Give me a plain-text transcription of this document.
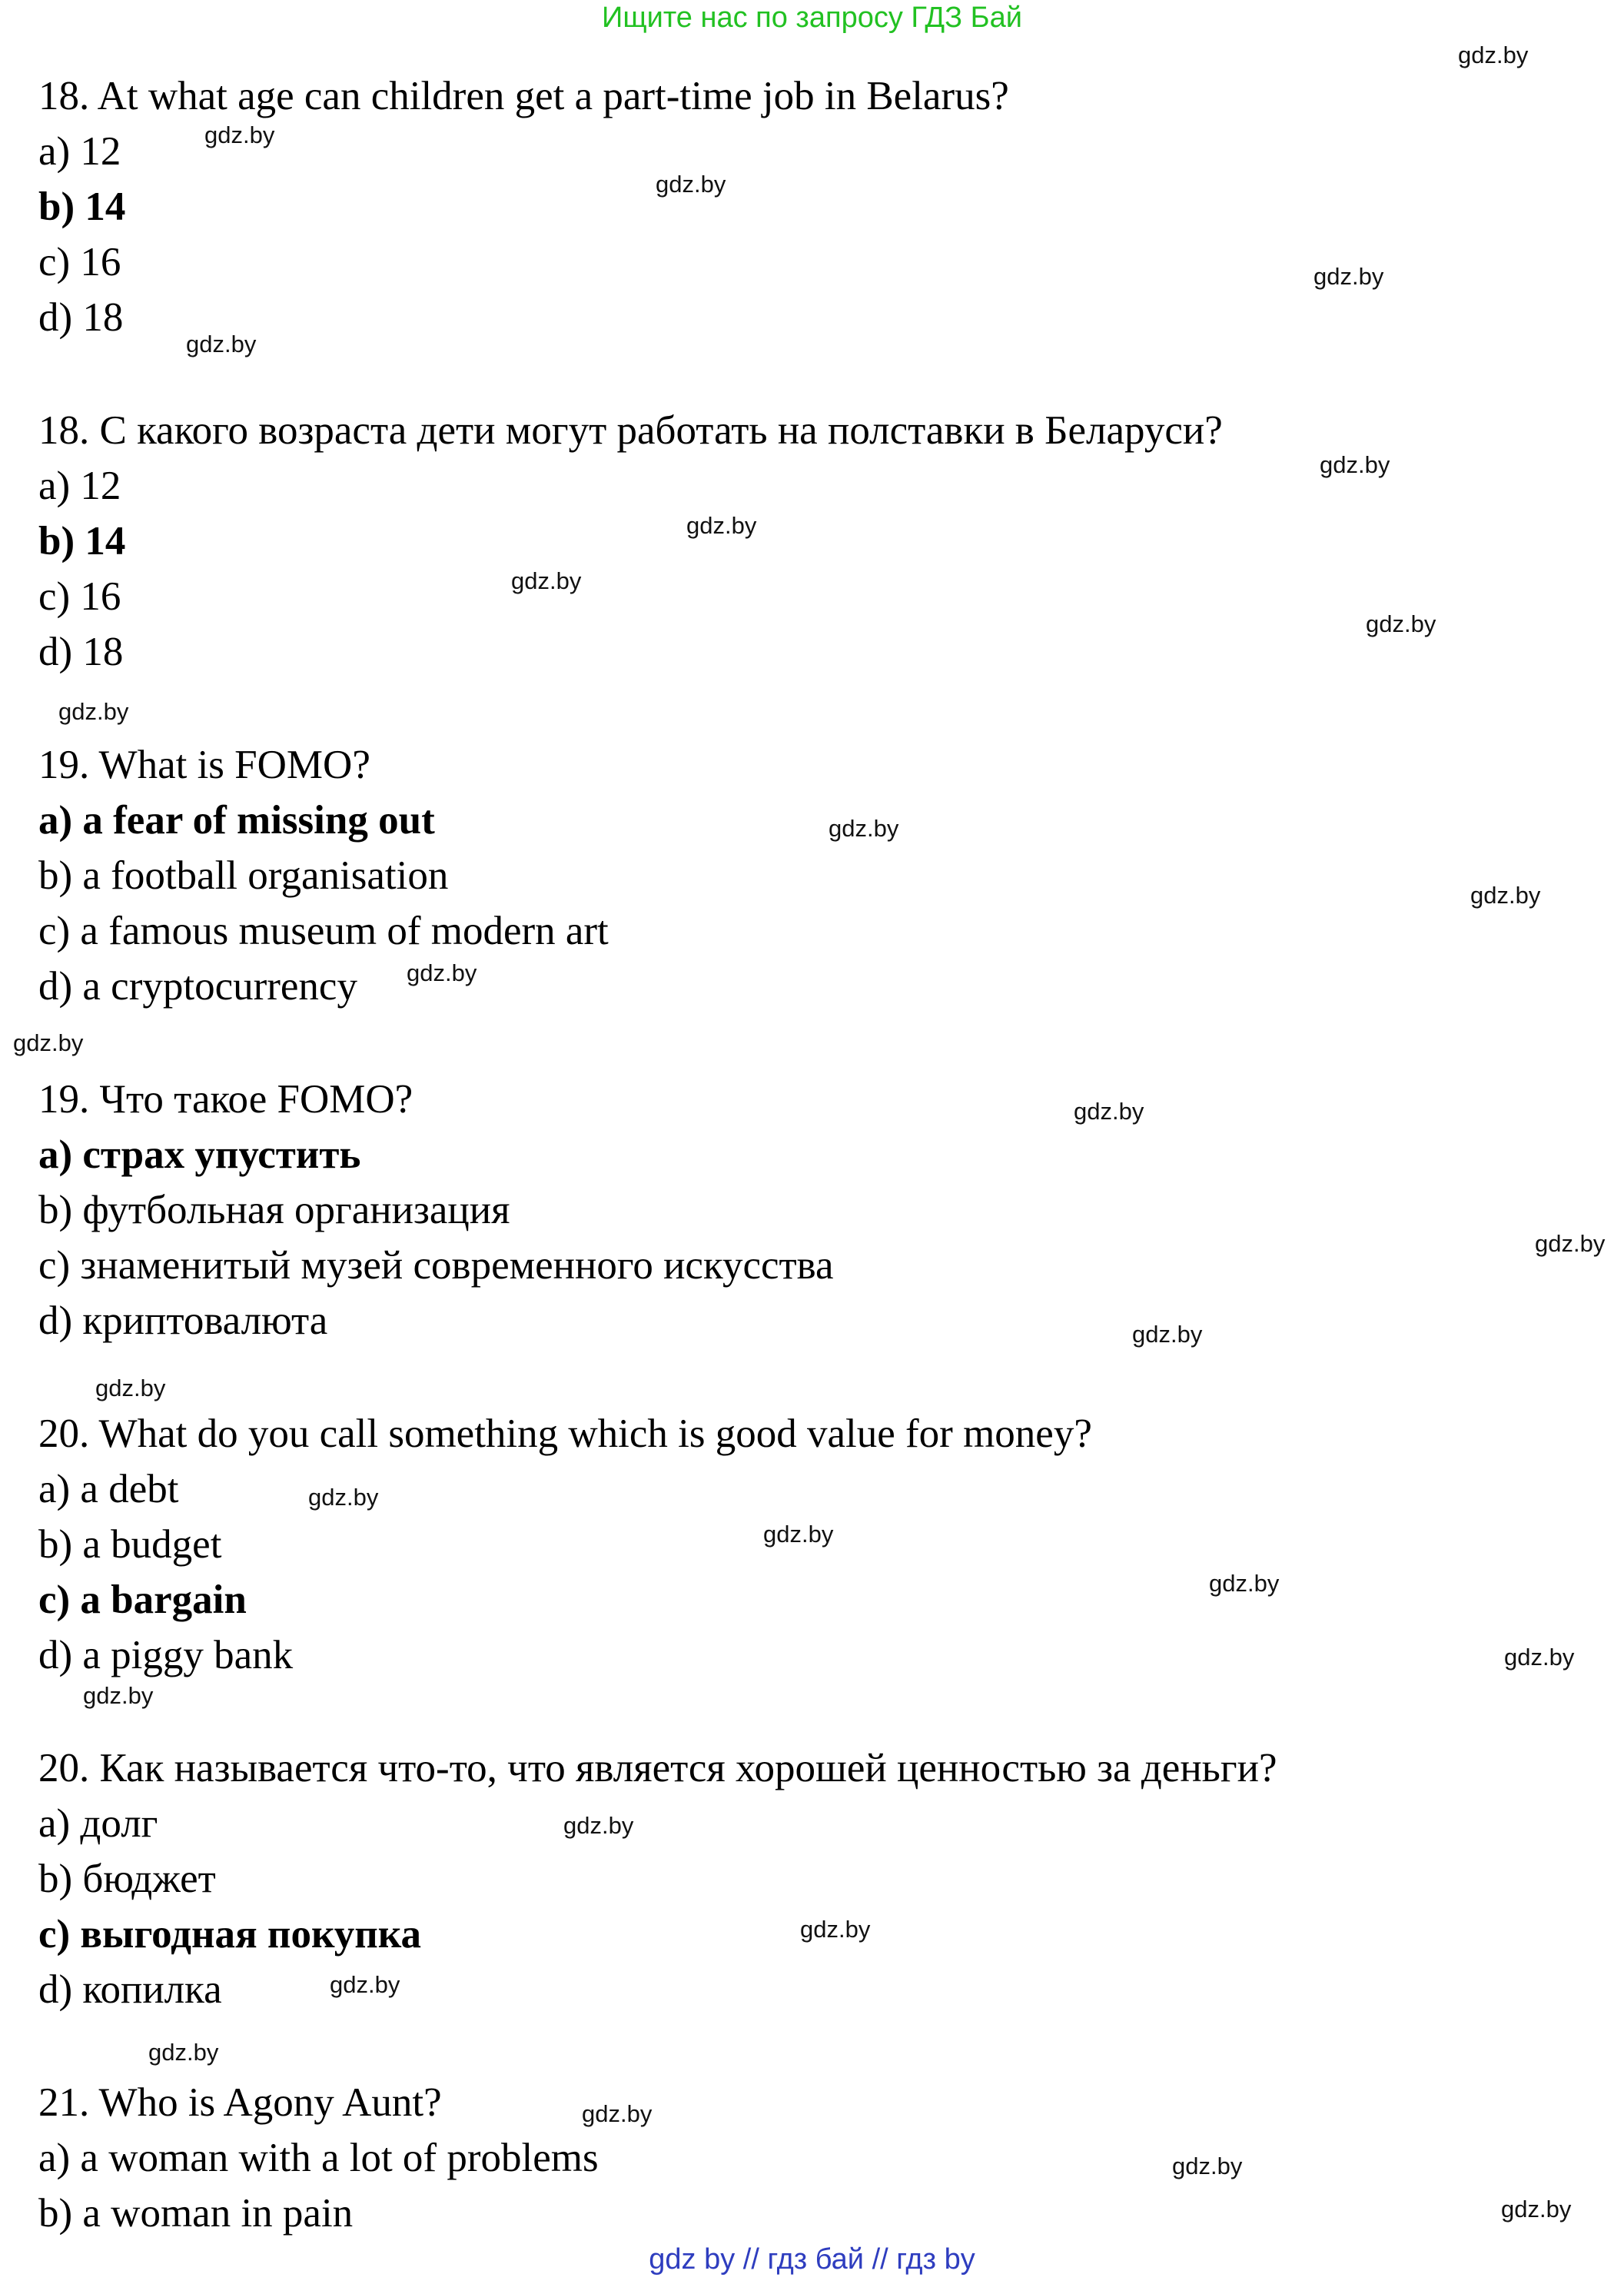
Ищите нас по запросу ГДЗ Бай
18. At what age can children get a part-time job in Belarus?
a) 12
b) 14
c) 16
d) 18
18. С какого возраста дети могут работать на полставки в Беларуси?
a) 12
b) 14
c) 16
d) 18
19. What is FOMO?
a) a fear of missing out
b) a football organisation
c) a famous museum of modern art
d) a cryptocurrency
19. Что такое FOMO?
a) страх упустить
b) футбольная организация
c) знаменитый музей современного искусства
d) криптовалюта
20. What do you call something which is good value for money?
a) a debt
b) a budget
c) a bargain
d) a piggy bank
20. Как называется что-то, что является хорошей ценностью за деньги?
a) долг
b) бюджет
c) выгодная покупка
d) копилка
21. Who is Agony Aunt?
a) a woman with a lot of problems
b) a woman in pain
gdz.by
gdz.by
gdz.by
gdz.by
gdz.by
gdz.by
gdz.by
gdz.by
gdz.by
gdz.by
gdz.by
gdz.by
gdz.by
gdz.by
gdz.by
gdz.by
gdz.by
gdz.by
gdz.by
gdz.by
gdz.by
gdz.by
gdz.by
gdz.by
gdz.by
gdz.by
gdz.by
gdz.by
gdz.by
gdz.by
gdz by // гдз бай // гдз by
